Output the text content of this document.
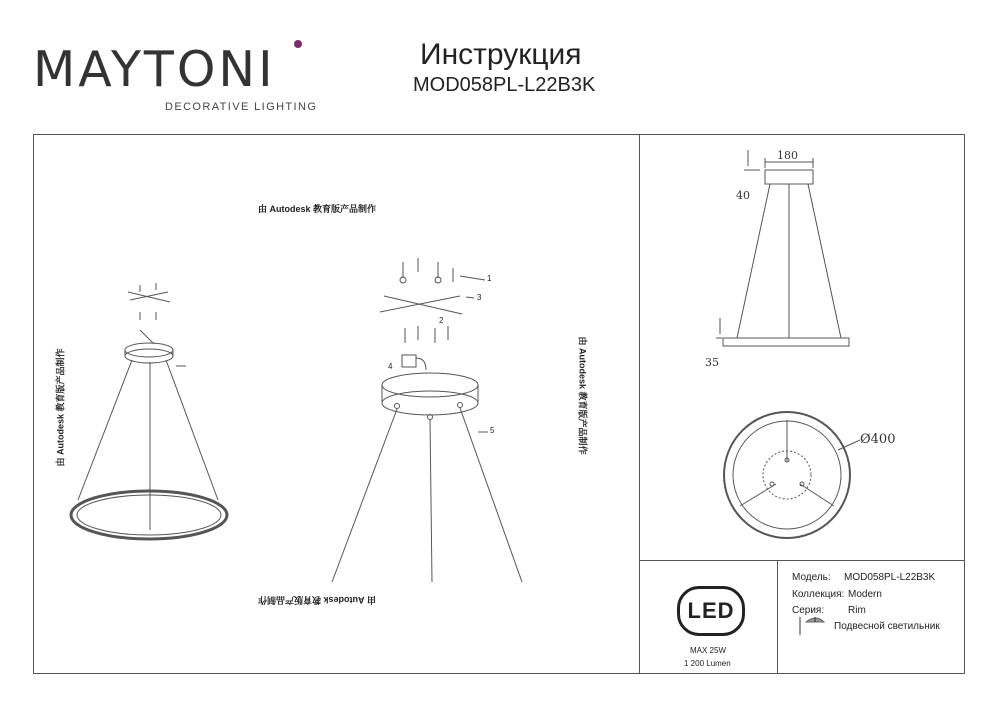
MAYTONI
DECORATIVE LIGHTING
Инструкция
MOD058PL-L22B3K
由 Autodesk 教育版产品制作
由 Autodesk 教育版产品制作
由 Autodesk 教育版产品制作	由 Autodesk 教育版产品制作
1
2
3
4
5
180
40
35
Ø400
LED
MAX 25W
1 200 Lumen
Модель: MOD058PL-L22B3K
Коллекция: Modern
Серия: Rim
Подвесной светильник
